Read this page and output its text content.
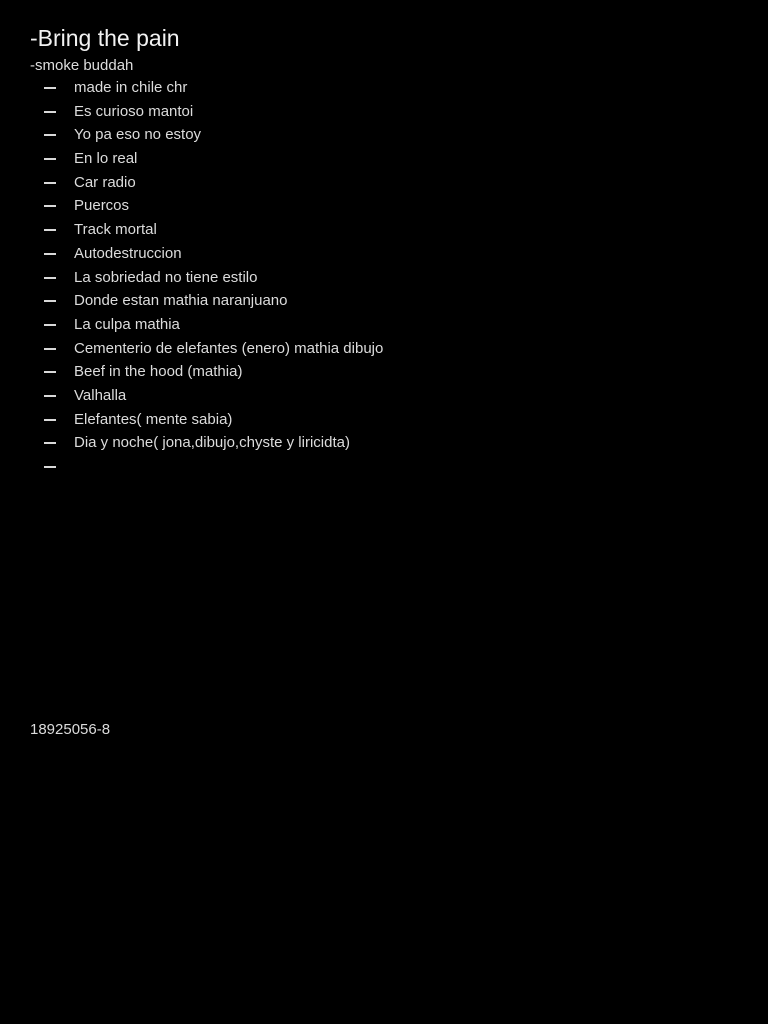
-Bring the pain
-smoke buddah
made in chile chr
Es curioso mantoi
Yo pa eso no estoy
En lo real
Car radio
Puercos
Track mortal
Autodestruccion
La sobriedad no tiene estilo
Donde estan mathia naranjuano
La culpa mathia
Cementerio de elefantes (enero) mathia dibujo
Beef in the hood (mathia)
Valhalla
Elefantes( mente sabia)
Dia y noche( jona,dibujo,chyste y liricidta)
18925056-8
